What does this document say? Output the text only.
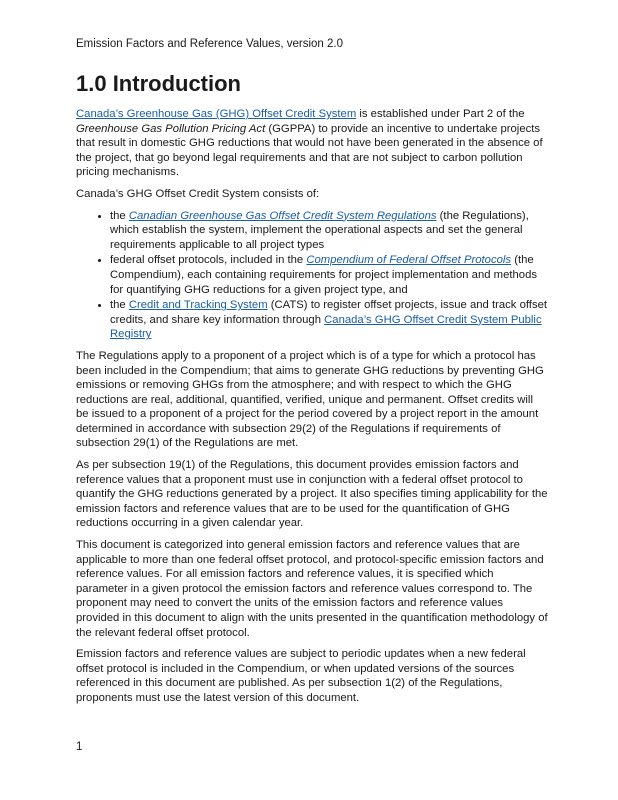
Emission Factors and Reference Values, version 2.0
1.0 Introduction

Canada’s Greenhouse Gas (GHG) Offset Credit System is established under Part 2 of the Greenhouse Gas Pollution Pricing Act (GGPPA) to provide an incentive to undertake projects that result in domestic GHG reductions that would not have been generated in the absence of the project, that go beyond legal requirements and that are not subject to carbon pollution pricing mechanisms.

Canada’s GHG Offset Credit System consists of:

• the Canadian Greenhouse Gas Offset Credit System Regulations (the Regulations), which establish the system, implement the operational aspects and set the general requirements applicable to all project types
• federal offset protocols, included in the Compendium of Federal Offset Protocols (the Compendium), each containing requirements for project implementation and methods for quantifying GHG reductions for a given project type, and
• the Credit and Tracking System (CATS) to register offset projects, issue and track offset credits, and share key information through Canada’s GHG Offset Credit System Public Registry

The Regulations apply to a proponent of a project which is of a type for which a protocol has been included in the Compendium; that aims to generate GHG reductions by preventing GHG emissions or removing GHGs from the atmosphere; and with respect to which the GHG reductions are real, additional, quantified, verified, unique and permanent. Offset credits will be issued to a proponent of a project for the period covered by a project report in the amount determined in accordance with subsection 29(2) of the Regulations if requirements of subsection 29(1) of the Regulations are met.

As per subsection 19(1) of the Regulations, this document provides emission factors and reference values that a proponent must use in conjunction with a federal offset protocol to quantify the GHG reductions generated by a project. It also specifies timing applicability for the emission factors and reference values that are to be used for the quantification of GHG reductions occurring in a given calendar year.

This document is categorized into general emission factors and reference values that are applicable to more than one federal offset protocol, and protocol-specific emission factors and reference values. For all emission factors and reference values, it is specified which parameter in a given protocol the emission factors and reference values correspond to. The proponent may need to convert the units of the emission factors and reference values provided in this document to align with the units presented in the quantification methodology of the relevant federal offset protocol.

Emission factors and reference values are subject to periodic updates when a new federal offset protocol is included in the Compendium, or when updated versions of the sources referenced in this document are published. As per subsection 1(2) of the Regulations, proponents must use the latest version of this document.

1
